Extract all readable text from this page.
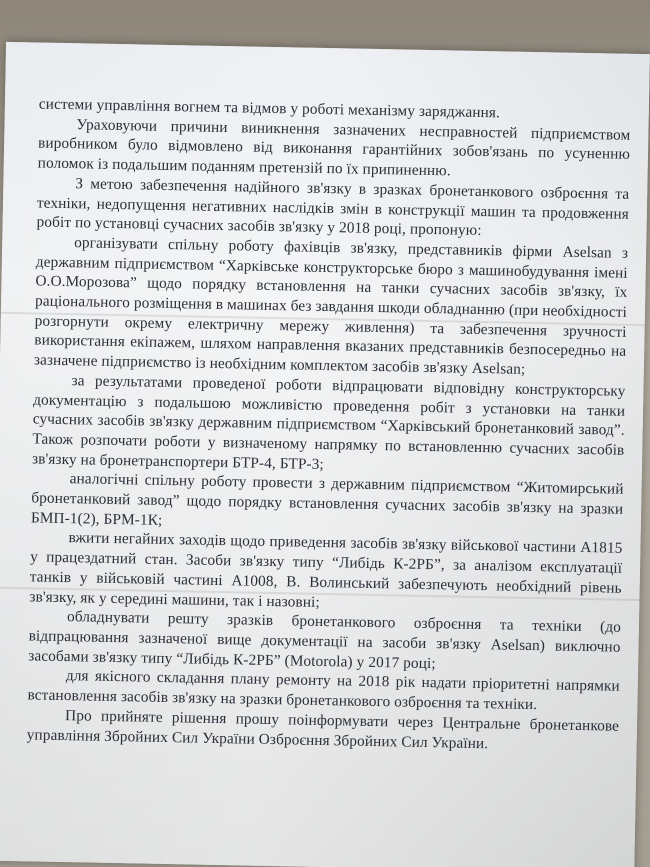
системи управління вогнем та відмов у роботі механізму заряджання.

Ураховуючи причини виникнення зазначених несправностей підприємством виробником було відмовлено від виконання гарантійних зобов'язань по усуненню поломок із подальшим поданням претензій по їх припиненню.

З метою забезпечення надійного зв'язку в зразках бронетанкового озброєння та техніки, недопущення негативних наслідків змін в конструкції машин та продовження робіт по установці сучасних засобів зв'язку у 2018 році, пропоную:

організувати спільну роботу фахівців зв'язку, представників фірми Aselsan з державним підприємством “Харківське конструкторське бюро з машинобудування імені О.О.Морозова” щодо порядку встановлення на танки сучасних засобів зв'язку, їх раціонального розміщення в машинах без завдання шкоди обладнанню (при необхідності розгорнути окрему електричну мережу живлення) та забезпечення зручності використання екіпажем, шляхом направлення вказаних представників безпосередньо на зазначене підприємство із необхідним комплектом засобів зв'язку Aselsan;

за результатами проведеної роботи відпрацювати відповідну конструкторську документацію з подальшою можливістю проведення робіт з установки на танки сучасних засобів зв'язку державним підприємством “Харківський бронетанковий завод”. Також розпочати роботи у визначеному напрямку по встановленню сучасних засобів зв'язку на бронетранспортери БТР-4, БТР-3;

аналогічні спільну роботу провести з державним підприємством “Житомирський бронетанковий завод” щодо порядку встановлення сучасних засобів зв'язку на зразки БМП-1(2), БРМ-1К;

вжити негайних заходів щодо приведення засобів зв'язку військової частини А1815 у працездатний стан. Засоби зв'язку типу “Либідь К-2РБ”, за аналізом експлуатації танків у військовій частині А1008, В. Волинський забезпечують необхідний рівень зв'язку, як у середині машини, так і назовні;

обладнувати решту зразків бронетанкового озброєння та техніки (до відпрацювання зазначеної вище документації на засоби зв'язку Aselsan) виключно засобами зв'язку типу “Либідь К-2РБ” (Motorola) у 2017 році;

для якісного складання плану ремонту на 2018 рік надати пріоритетні напрямки встановлення засобів зв'язку на зразки бронетанкового озброєння та техніки.

Про прийняте рішення прошу поінформувати через Центральне бронетанкове управління Збройних Сил України Озброєння Збройних Сил України.
